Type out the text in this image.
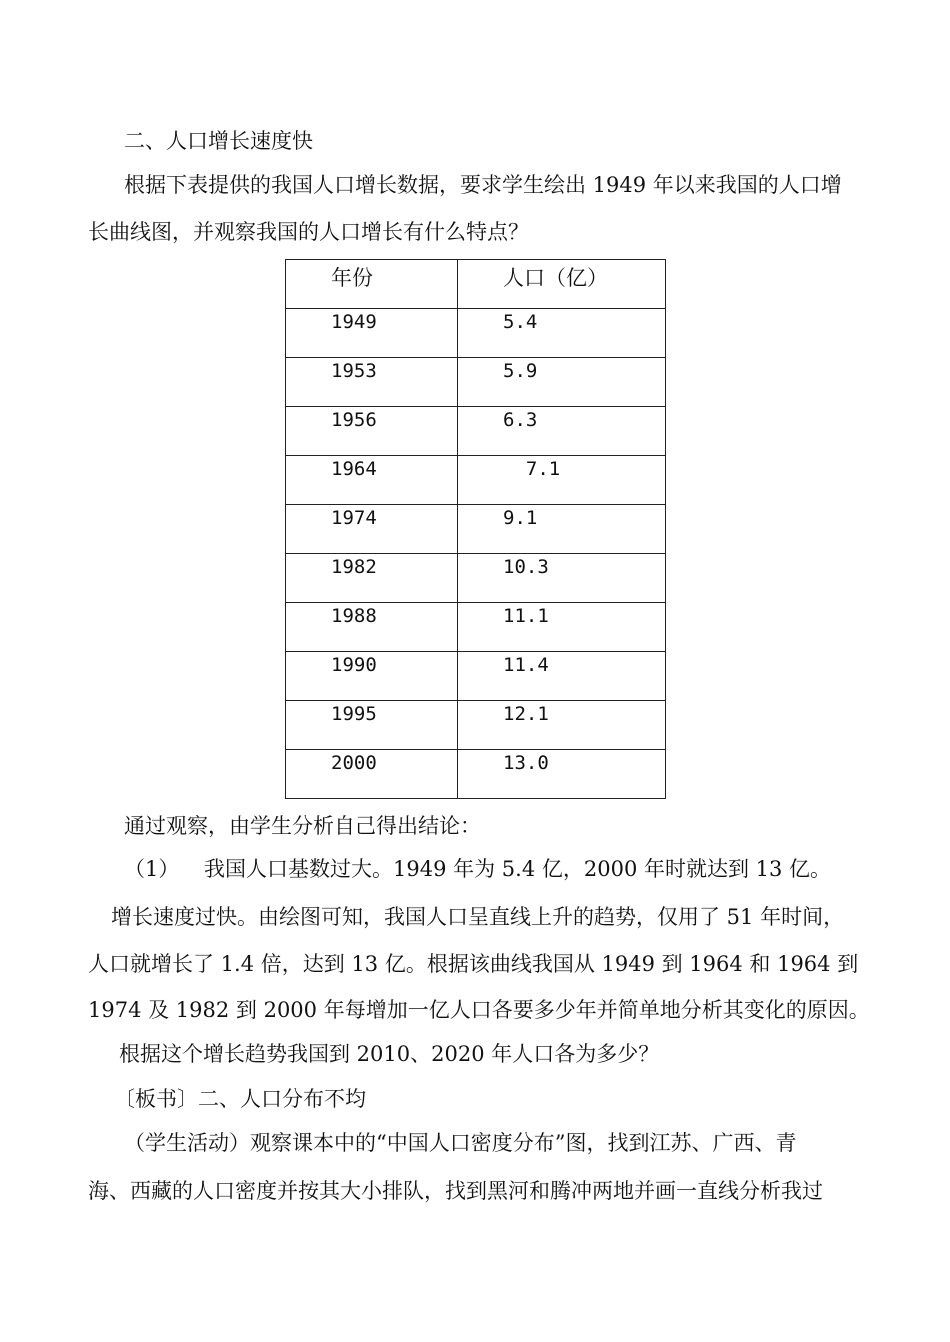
二、人口增长速度快
根据下表提供的我国人口增长数据，要求学生绘出 1949 年以来我国的人口增
长曲线图，并观察我国的人口增长有什么特点？
年份	人口（亿）
1949	5.4
1953	5.9
1956	6.3
1964	7.1
1974	9.1
1982	10.3
1988	11.1
1990	11.4
1995	12.1
2000	13.0
通过观察，由学生分析自己得出结论：
（1） 我国人口基数过大。1949 年为 5.4 亿，2000 年时就达到 13 亿。
增长速度过快。由绘图可知，我国人口呈直线上升的趋势，仅用了 51 年时间，
人口就增长了 1.4 倍，达到 13 亿。根据该曲线我国从 1949 到 1964 和 1964 到
1974 及 1982 到 2000 年每增加一亿人口各要多少年并简单地分析其变化的原因。
根据这个增长趋势我国到 2010、2020 年人口各为多少？
〔板书〕二、人口分布不均
（学生活动）观察课本中的“中国人口密度分布”图，找到江苏、广西、青
海、西藏的人口密度并按其大小排队，找到黑河和腾冲两地并画一直线分析我过
